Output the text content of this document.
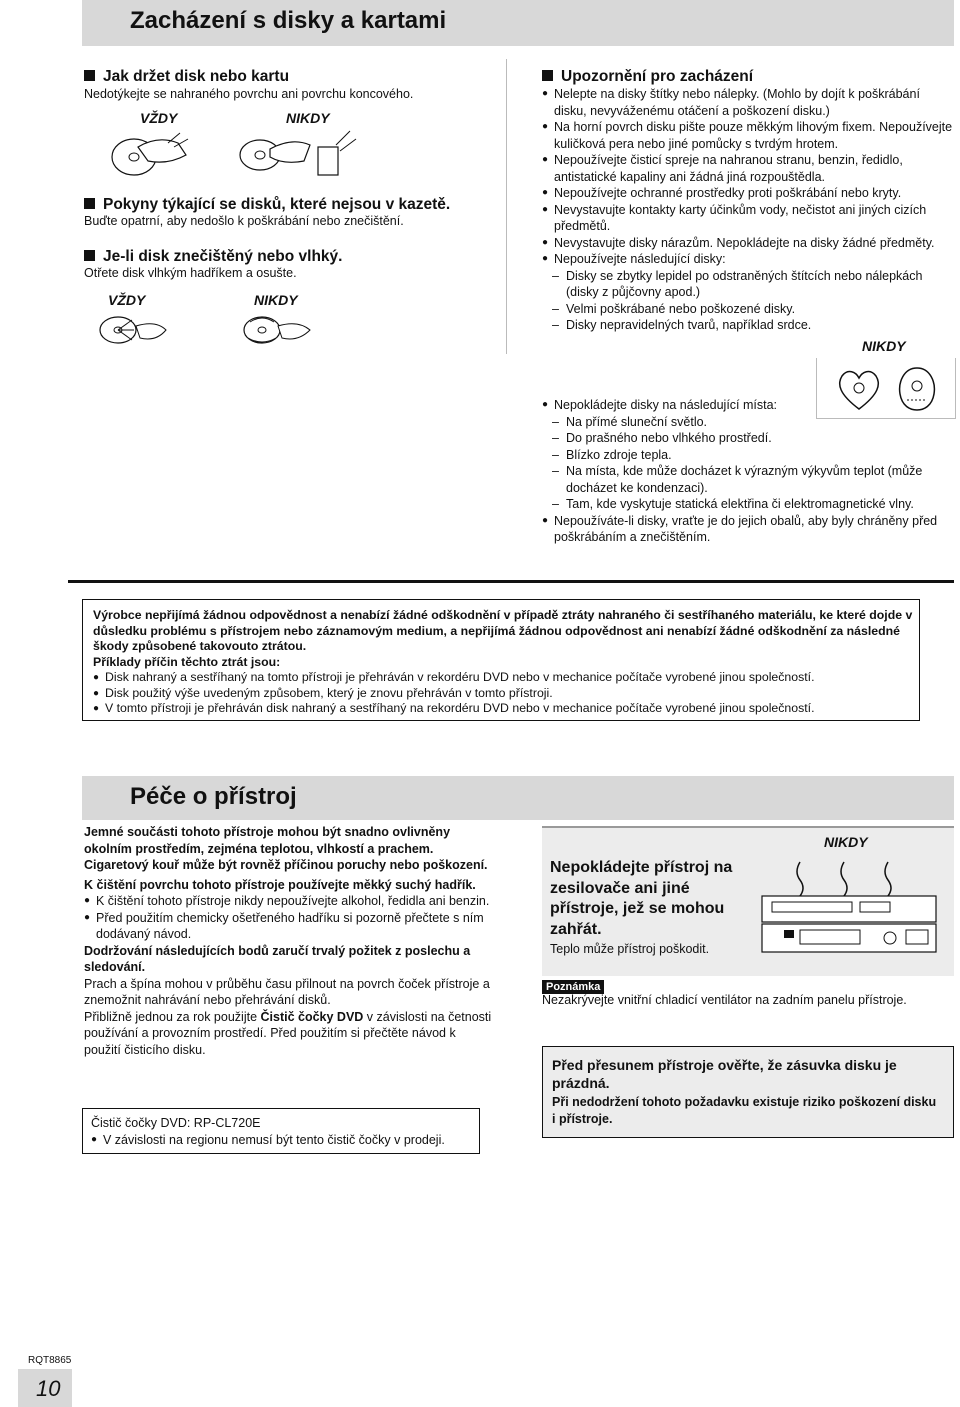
Zacházení s disky a kartami
Jak držet disk nebo kartu
Nedotýkejte se nahraného povrchu ani povrchu koncového.
VŽDY	NIKDY
Pokyny týkající se disků, které nejsou v kazetě.
Buďte opatrní, aby nedošlo k poškrábání nebo znečištění.
Je-li disk znečištěný nebo vlhký.
Otřete disk vlhkým hadříkem a osušte.
VŽDY	NIKDY
Upozornění pro zacházení
● Nelepte na disky štítky nebo nálepky. (Mohlo by dojít k poškrábání disku, nevyváženému otáčení a poškození disku.)
● Na horní povrch disku pište pouze měkkým lihovým fixem. Nepoužívejte kuličková pera nebo jiné pomůcky s tvrdým hrotem.
● Nepoužívejte čisticí spreje na nahranou stranu, benzin, ředidlo, antistatické kapaliny ani žádná jiná rozpouštědla.
● Nepoužívejte ochranné prostředky proti poškrábání nebo kryty.
● Nevystavujte kontakty karty účinkům vody, nečistot ani jiných cizích předmětů.
● Nevystavujte disky nárazům. Nepokládejte na disky žádné předměty.
● Nepoužívejte následující disky:
– Disky se zbytky lepidel po odstraněných štítcích nebo nálepkách (disky z půjčovny apod.)
– Velmi poškrábané nebo poškozené disky.
– Disky nepravidelných tvarů, například srdce.
NIKDY
● Nepokládejte disky na následující místa:
– Na přímé sluneční světlo.
– Do prašného nebo vlhkého prostředí.
– Blízko zdroje tepla.
– Na místa, kde může docházet k výrazným výkyvům teplot (může docházet ke kondenzaci).
– Tam, kde vyskytuje statická elektřina či elektromagnetické vlny.
● Nepoužíváte-li disky, vraťte je do jejich obalů, aby byly chráněny před poškrábáním a znečištěním.
Výrobce nepřijímá žádnou odpovědnost a nenabízí žádné odškodnění v případě ztráty nahraného či sestříhaného materiálu, ke které dojde v důsledku problému s přístrojem nebo záznamovým medium, a nepřijímá žádnou odpovědnost ani nenabízí žádné odškodnění za následné škody způsobené takovouto ztrátou.
Příklady příčin těchto ztrát jsou:
● Disk nahraný a sestříhaný na tomto přístroji je přehráván v rekordéru DVD nebo v mechanice počítače vyrobené jinou společností.
● Disk použitý výše uvedeným způsobem, který je znovu přehráván v tomto přístroji.
● V tomto přístroji je přehráván disk nahraný a sestříhaný na rekordéru DVD nebo v mechanice počítače vyrobené jinou společností.
Péče o přístroj
Jemné součásti tohoto přístroje mohou být snadno ovlivněny okolním prostředím, zejména teplotou, vlhkostí a prachem. Cigaretový kouř může být rovněž příčinou poruchy nebo poškození.
K čištění povrchu tohoto přístroje používejte měkký suchý hadřík.
● K čištění tohoto přístroje nikdy nepoužívejte alkohol, ředidla ani benzin.
● Před použitím chemicky ošetřeného hadříku si pozorně přečtete s ním dodávaný návod.
Dodržování následujících bodů zaručí trvalý požitek z poslechu a sledování.
Prach a špína mohou v průběhu času přilnout na povrch čoček přístroje a znemožnit nahrávání nebo přehrávání disků.
Přibližně jednou za rok použijte Čistič čočky DVD v závislosti na četnosti používání a provozním prostředí. Před použitím si přečtěte návod k použití čisticího disku.
Čistič čočky DVD: RP-CL720E
● V závislosti na regionu nemusí být tento čistič čočky v prodeji.
Nepokládejte přístroj na zesilovače ani jiné přístroje, jež se mohou zahřát.
Teplo může přístroj poškodit.
NIKDY
Poznámka
Nezakrývejte vnitřní chladicí ventilátor na zadním panelu přístroje.
Před přesunem přístroje ověřte, že zásuvka disku je prázdná.
Při nedodržení tohoto požadavku existuje riziko poškození disku i přístroje.
RQT8865
10
